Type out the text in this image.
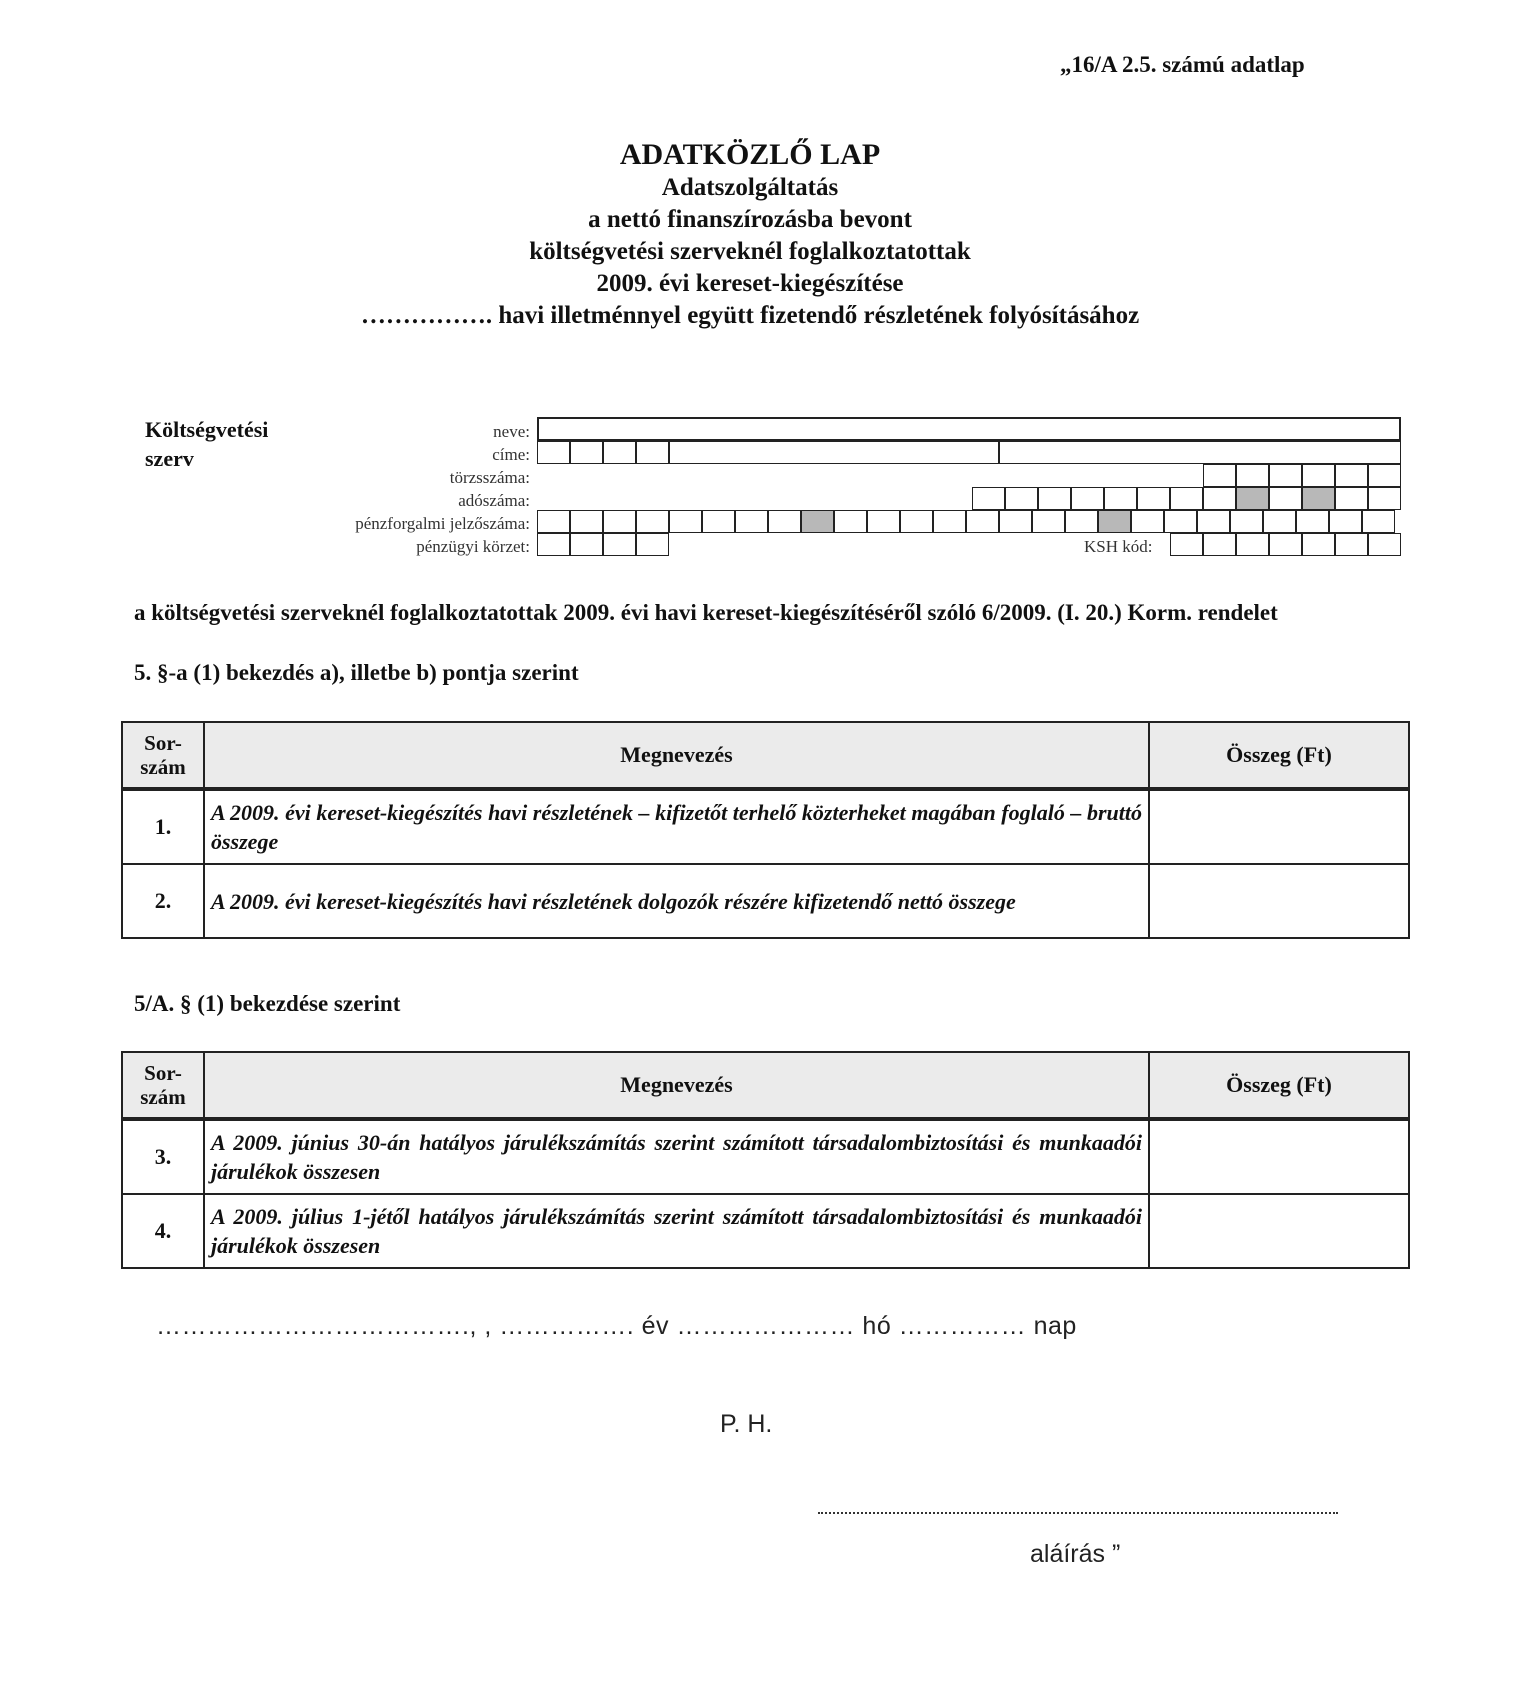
„16/A 2.5. számú adatlap
ADATKÖZLŐ LAP
Adatszolgáltatás
a nettó finanszírozásba bevont
költségvetési szerveknél foglalkoztatottak
2009. évi kereset-kiegészítése
……………. havi illetménnyel együtt fizetendő részletének folyósításához
Költségvetési
szerv
neve:
címe:
törzsszáma:
adószáma:
pénzforgalmi jelzőszáma:
pénzügyi körzet:	KSH kód:
a költségvetési szerveknél foglalkoztatottak 2009. évi havi kereset-kiegészítéséről szóló 6/2009. (I. 20.) Korm. rendelet
5. §-a (1) bekezdés a), illetbe b) pontja szerint
Sor-
szám	Megnevezés	Összeg (Ft)
1.	A 2009. évi kereset-kiegészítés havi részletének – kifizetőt terhelő közterheket magában foglaló – bruttó összege	
2.	A 2009. évi kereset-kiegészítés havi részletének dolgozók részére kifizetendő nettó összege	
5/A. § (1) bekezdése szerint
Sor-
szám	Megnevezés	Összeg (Ft)
3.	A 2009. június 30-án hatályos járulékszámítás szerint számított társadalombiztosítási és munkaadói járulékok összesen	
4.	A 2009. július 1-jétől hatályos járulékszámítás szerint számított társadalombiztosítási és munkaadói járulékok összesen	
………………………………., , ……………. év ………………… hó …………… nap
P. H.
aláírás ”
